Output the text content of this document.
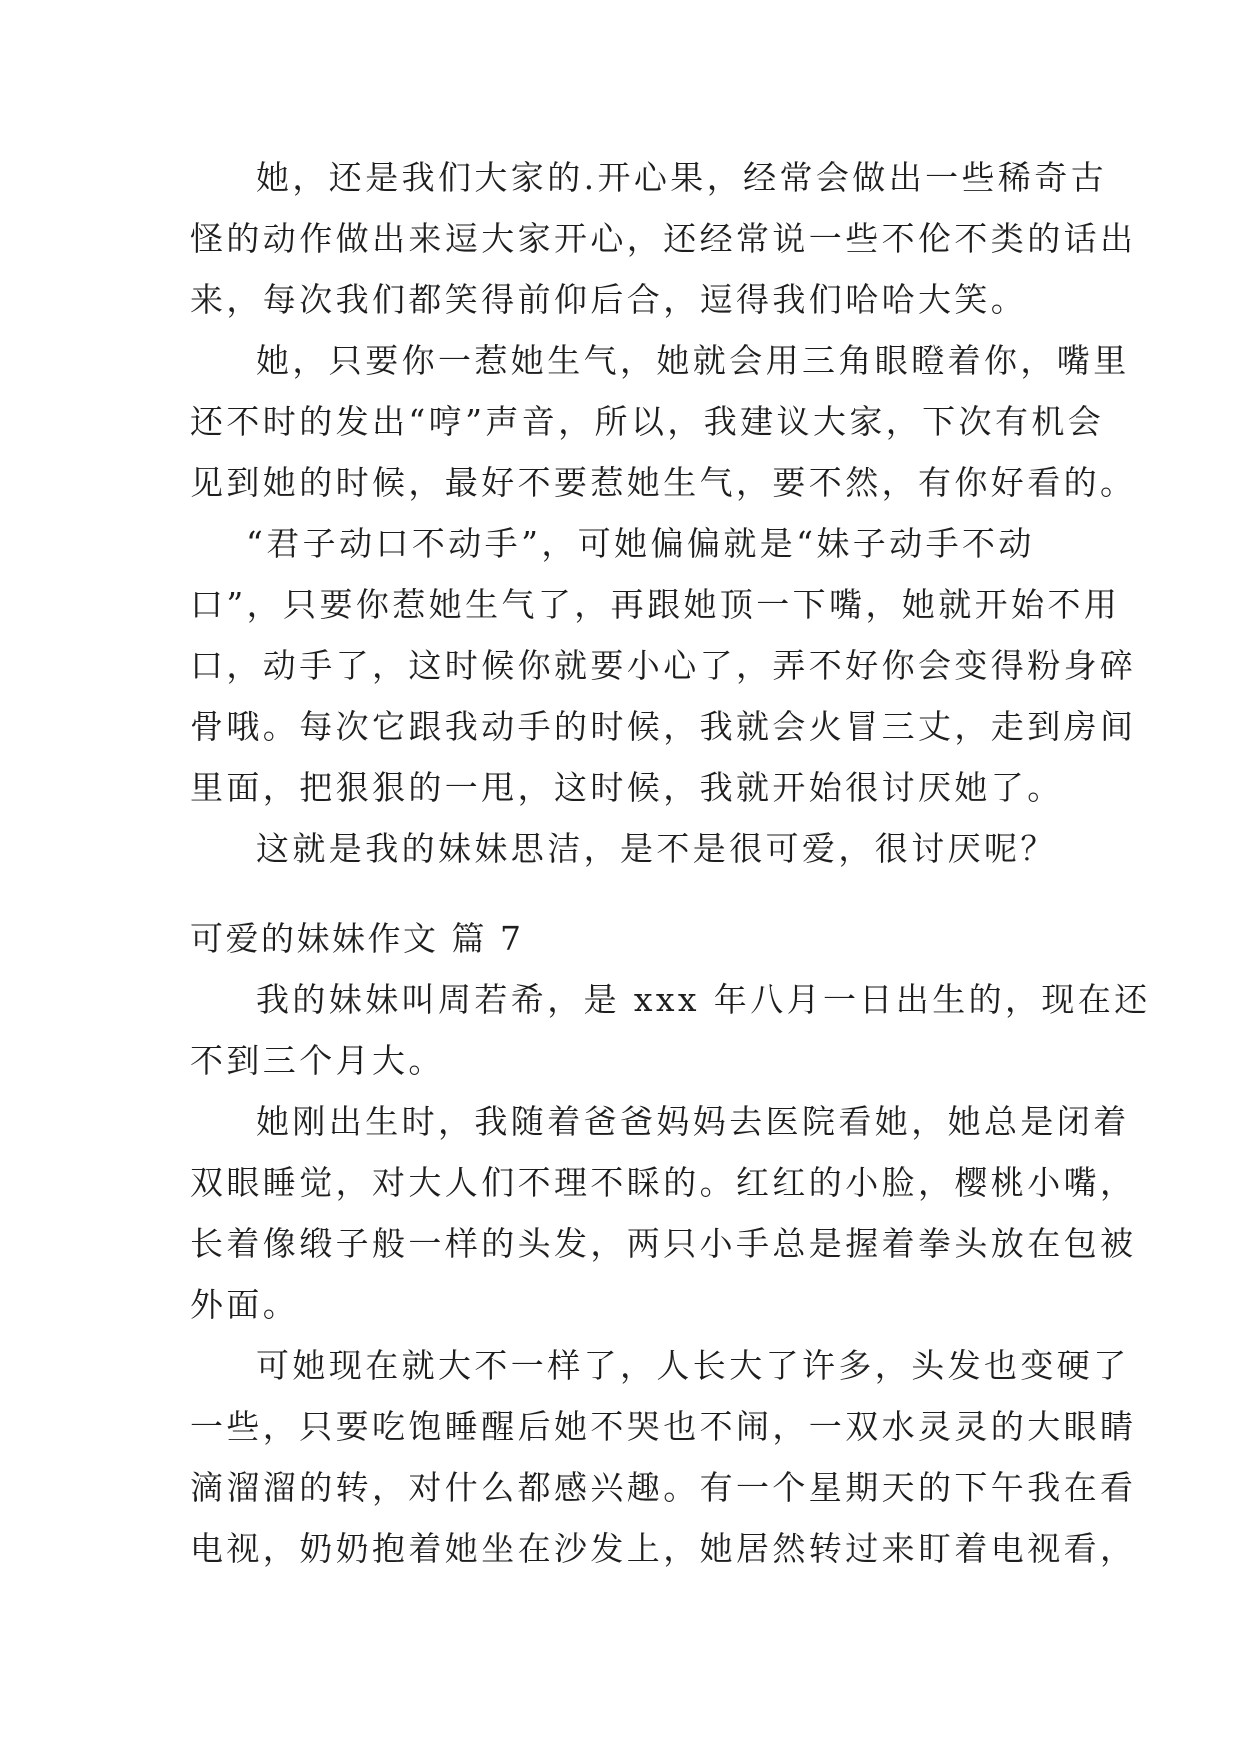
她，还是我们大家的.开心果，经常会做出一些稀奇古
怪的动作做出来逗大家开心，还经常说一些不伦不类的话出
来，每次我们都笑得前仰后合，逗得我们哈哈大笑。
她，只要你一惹她生气，她就会用三角眼瞪着你，嘴里
还不时的发出“哼”声音，所以，我建议大家，下次有机会
见到她的时候，最好不要惹她生气，要不然，有你好看的。
“君子动口不动手”，可她偏偏就是“妹子动手不动
口”，只要你惹她生气了，再跟她顶一下嘴，她就开始不用
口，动手了，这时候你就要小心了，弄不好你会变得粉身碎
骨哦。每次它跟我动手的时候，我就会火冒三丈，走到房间
里面，把狠狠的一甩，这时候，我就开始很讨厌她了。
这就是我的妹妹思洁，是不是很可爱，很讨厌呢？
可爱的妹妹作文 篇 7
我的妹妹叫周若希，是 xxx 年八月一日出生的，现在还
不到三个月大。
她刚出生时，我随着爸爸妈妈去医院看她，她总是闭着
双眼睡觉，对大人们不理不睬的。红红的小脸，樱桃小嘴，
长着像缎子般一样的头发，两只小手总是握着拳头放在包被
外面。
可她现在就大不一样了，人长大了许多，头发也变硬了
一些，只要吃饱睡醒后她不哭也不闹，一双水灵灵的大眼睛
滴溜溜的转，对什么都感兴趣。有一个星期天的下午我在看
电视，奶奶抱着她坐在沙发上，她居然转过来盯着电视看，
